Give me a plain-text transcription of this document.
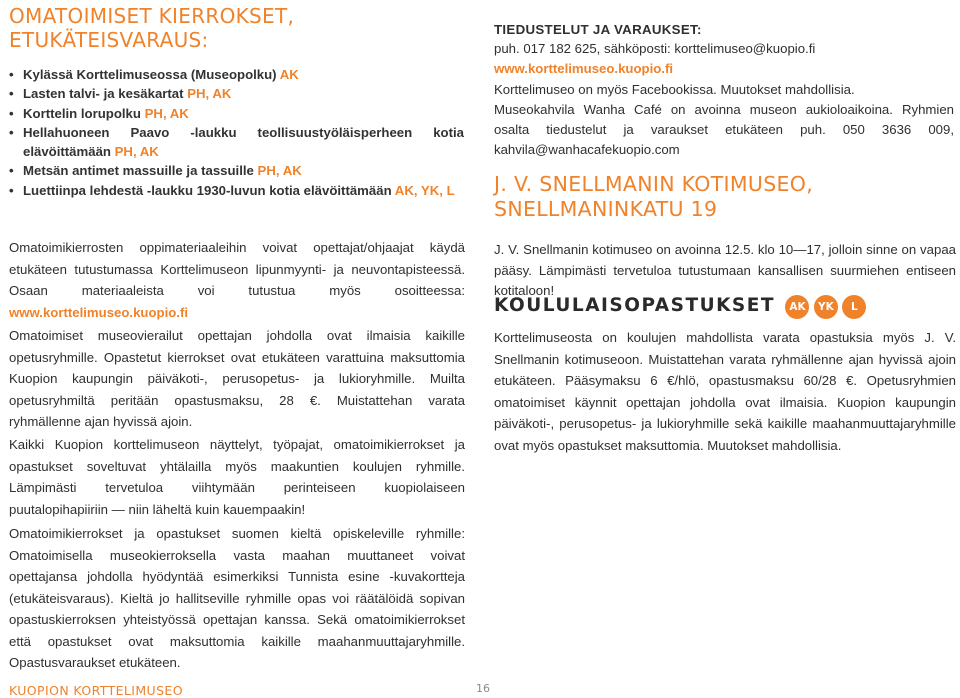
OMATOIMISET KIERROKSET,
ETUKÄTEISVARAUS:
• Kylässä Korttelimuseossa (Museopolku) AK
• Lasten talvi- ja kesäkartat PH, AK
• Korttelin lorupolku PH, AK
• Hellahuoneen Paavo -laukku teollisuustyöläisperheen kotia elävöittämään PH, AK
• Metsän antimet massuille ja tassuille PH, AK
• Luettiinpa lehdestä -laukku 1930-luvun kotia elävöittämään AK, YK, L

Omatoimikierrosten oppimateriaaleihin voivat opettajat/ohjaajat käydä etukäteen tutustumassa Korttelimuseon lipunmyynti- ja neuvontapisteessä. Osaan materiaaleista voi tutustua myös osoitteessa: www.korttelimuseo.kuopio.fi

Omatoimiset museovierailut opettajan johdolla ovat ilmaisia kaikille opetusryhmille. Opastetut kierrokset ovat etukäteen varattuina maksuttomia Kuopion kaupungin päiväkoti-, perusopetus- ja lukioryhmille. Muilta opetusryhmiltä peritään opastusmaksu, 28 €. Muistattehan varata ryhmällenne ajan hyvissä ajoin.

Kaikki Kuopion korttelimuseon näyttelyt, työpajat, omatoimikierrokset ja opastukset soveltuvat yhtälailla myös maakuntien koulujen ryhmille. Lämpimästi tervetuloa viihtymään perinteiseen kuopiolaiseen puutalopihapiiriin — niin läheltä kuin kauempaakin!

Omatoimikierrokset ja opastukset suomen kieltä opiskeleville ryhmille: Omatoimisella museokierroksella vasta maahan muuttaneet voivat opettajansa johdolla hyödyntää esimerkiksi Tunnista esine -kuvakortteja (etukäteisvaraus). Kieltä jo hallitseville ryhmille opas voi räätälöidä sopivan opastuskierroksen yhteistyössä opettajan kanssa. Sekä omatoimikierrokset että opastukset ovat maksuttomia kaikille maahanmuuttajaryhmille. Opastusvaraukset etukäteen.

TIEDUSTELUT JA VARAUKSET:
puh. 017 182 625, sähköposti: korttelimuseo@kuopio.fi
www.korttelimuseo.kuopio.fi
Korttelimuseo on myös Facebookissa. Muutokset mahdollisia.

Museokahvila Wanha Café on avoinna museon aukioloaikoina. Ryhmien osalta tiedustelut ja varaukset etukäteen puh. 050 3636 009, kahvila@wanhacafekuopio.com

J. V. SNELLMANIN KOTIMUSEO,
SNELLMANINKATU 19

J. V. Snellmanin kotimuseo on avoinna 12.5. klo 10—17, jolloin sinne on vapaa pääsy. Lämpimästi tervetuloa tutustumaan kansallisen suurmiehen entiseen kotitaloon!

KOULULAISOPASTUKSET AK YK L

Korttelimuseosta on koulujen mahdollista varata opastuksia myös J. V. Snellmanin kotimuseoon. Muistattehan varata ryhmällenne ajan hyvissä ajoin etukäteen. Pääsymaksu 6 €/hlö, opastusmaksu 60/28 €. Opetusryhmien omatoimiset käynnit opettajan johdolla ovat ilmaisia. Kuopion kaupungin päiväkoti-, perusopetus- ja lukioryhmille sekä kaikille maahanmuuttajaryhmille ovat myös opastukset maksuttomia. Muutokset mahdollisia.

KUOPION KORTTELIMUSEO	16
